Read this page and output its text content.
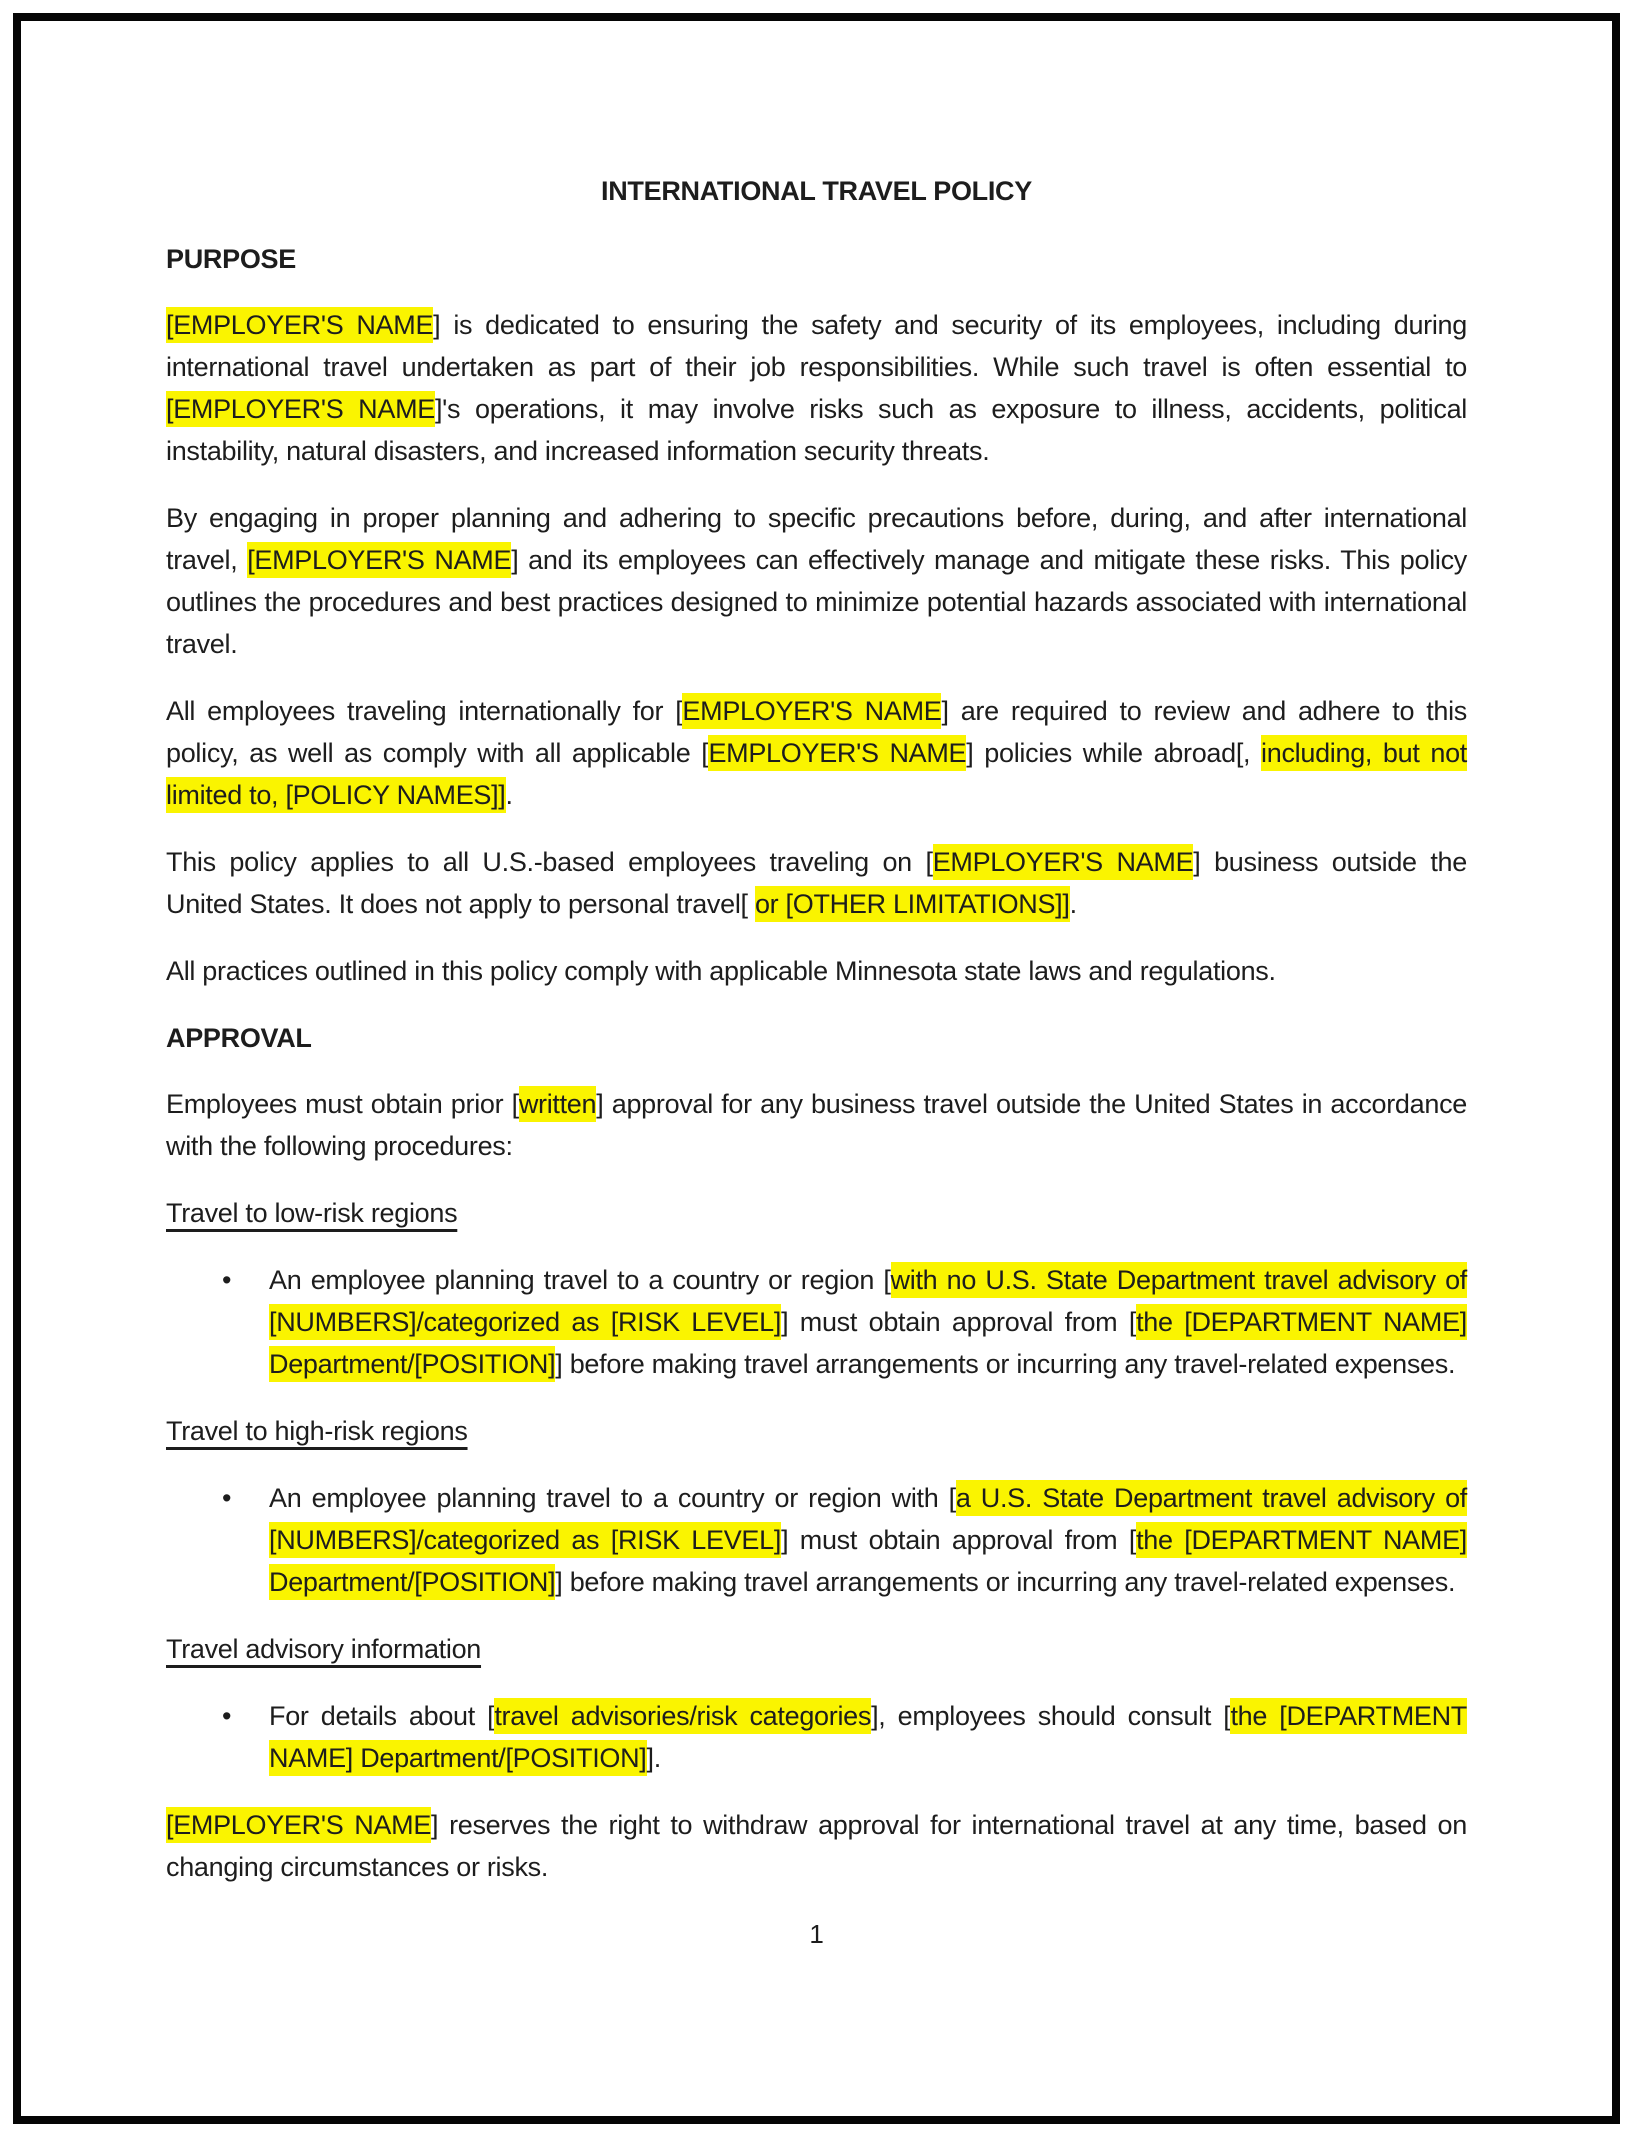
INTERNATIONAL TRAVEL POLICY
PURPOSE

[EMPLOYER'S NAME] is dedicated to ensuring the safety and security of its employees, including during international travel undertaken as part of their job responsibilities. While such travel is often essential to [EMPLOYER'S NAME]'s operations, it may involve risks such as exposure to illness, accidents, political instability, natural disasters, and increased information security threats.

By engaging in proper planning and adhering to specific precautions before, during, and after international travel, [EMPLOYER'S NAME] and its employees can effectively manage and mitigate these risks. This policy outlines the procedures and best practices designed to minimize potential hazards associated with international travel.

All employees traveling internationally for [EMPLOYER'S NAME] are required to review and adhere to this policy, as well as comply with all applicable [EMPLOYER'S NAME] policies while abroad[, including, but not limited to, [POLICY NAMES]].

This policy applies to all U.S.-based employees traveling on [EMPLOYER'S NAME] business outside the United States. It does not apply to personal travel[ or [OTHER LIMITATIONS]].

All practices outlined in this policy comply with applicable Minnesota state laws and regulations.

APPROVAL

Employees must obtain prior [written] approval for any business travel outside the United States in accordance with the following procedures:

Travel to low-risk regions
• An employee planning travel to a country or region [with no U.S. State Department travel advisory of [NUMBERS]/categorized as [RISK LEVEL]] must obtain approval from [the [DEPARTMENT NAME] Department/[POSITION]] before making travel arrangements or incurring any travel-related expenses.
Travel to high-risk regions
• An employee planning travel to a country or region with [a U.S. State Department travel advisory of [NUMBERS]/categorized as [RISK LEVEL]] must obtain approval from [the [DEPARTMENT NAME] Department/[POSITION]] before making travel arrangements or incurring any travel-related expenses.
Travel advisory information
• For details about [travel advisories/risk categories], employees should consult [the [DEPARTMENT NAME] Department/[POSITION]].

[EMPLOYER'S NAME] reserves the right to withdraw approval for international travel at any time, based on changing circumstances or risks.

1
